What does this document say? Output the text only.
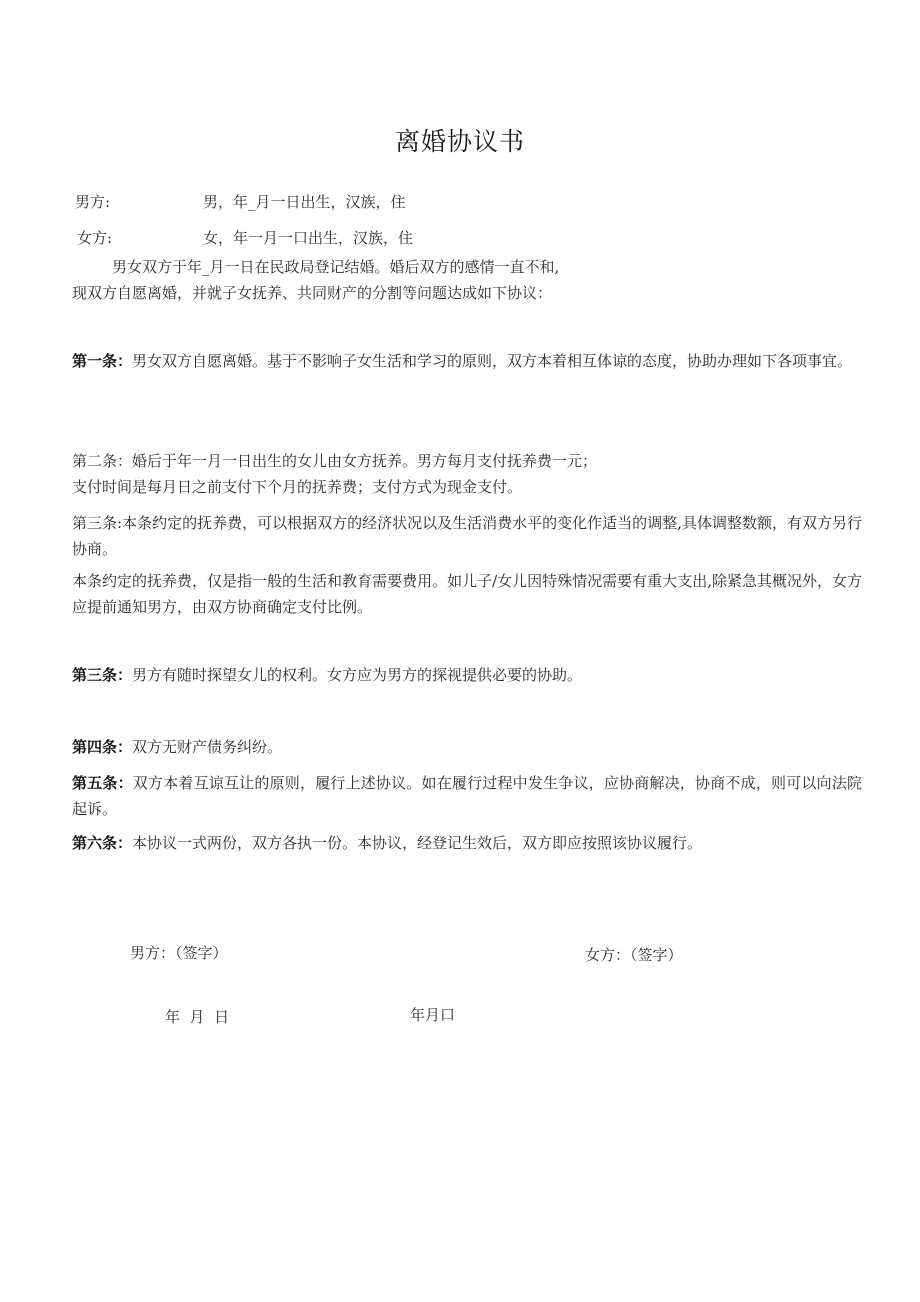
离婚协议书
男方:	男，年_月一日出生，汉族，住
女方:	女，年一月一口出生，汉族，住
男女双方于年_月一日在民政局登记结婚。婚后双方的感情一直不和,
现双方自愿离婚，并就子女抚养、共同财产的分割等问题达成如下协议：
第一条：男女双方自愿离婚。基于不影响子女生活和学习的原则，双方本着相互体谅的态度，协助办理如下各项事宜。
第二条：婚后于年一月一日出生的女儿由女方抚养。男方每月支付抚养费一元；
支付时间是每月日之前支付下个月的抚养费；支付方式为现金支付。
第三条:本条约定的抚养费，可以根据双方的经济状况以及生活消费水平的变化作适当的调整,具体调整数额，有双方另行协商。
本条约定的抚养费，仅是指一般的生活和教育需要费用。如儿子/女儿因特殊情况需要有重大支出,除紧急其概况外，女方应提前通知男方，由双方协商确定支付比例。
第三条：男方有随时探望女儿的权利。女方应为男方的探视提供必要的协助。
第四条：双方无财产债务纠纷。
第五条：双方本着互谅互让的原则，履行上述协议。如在履行过程中发生争议，应协商解决，协商不成，则可以向法院起诉。
第六条：本协议一式两份，双方各执一份。本协议，经登记生效后，双方即应按照该协议履行。
男方：（签字）	女方：（签字）
年  月  日	年月口
